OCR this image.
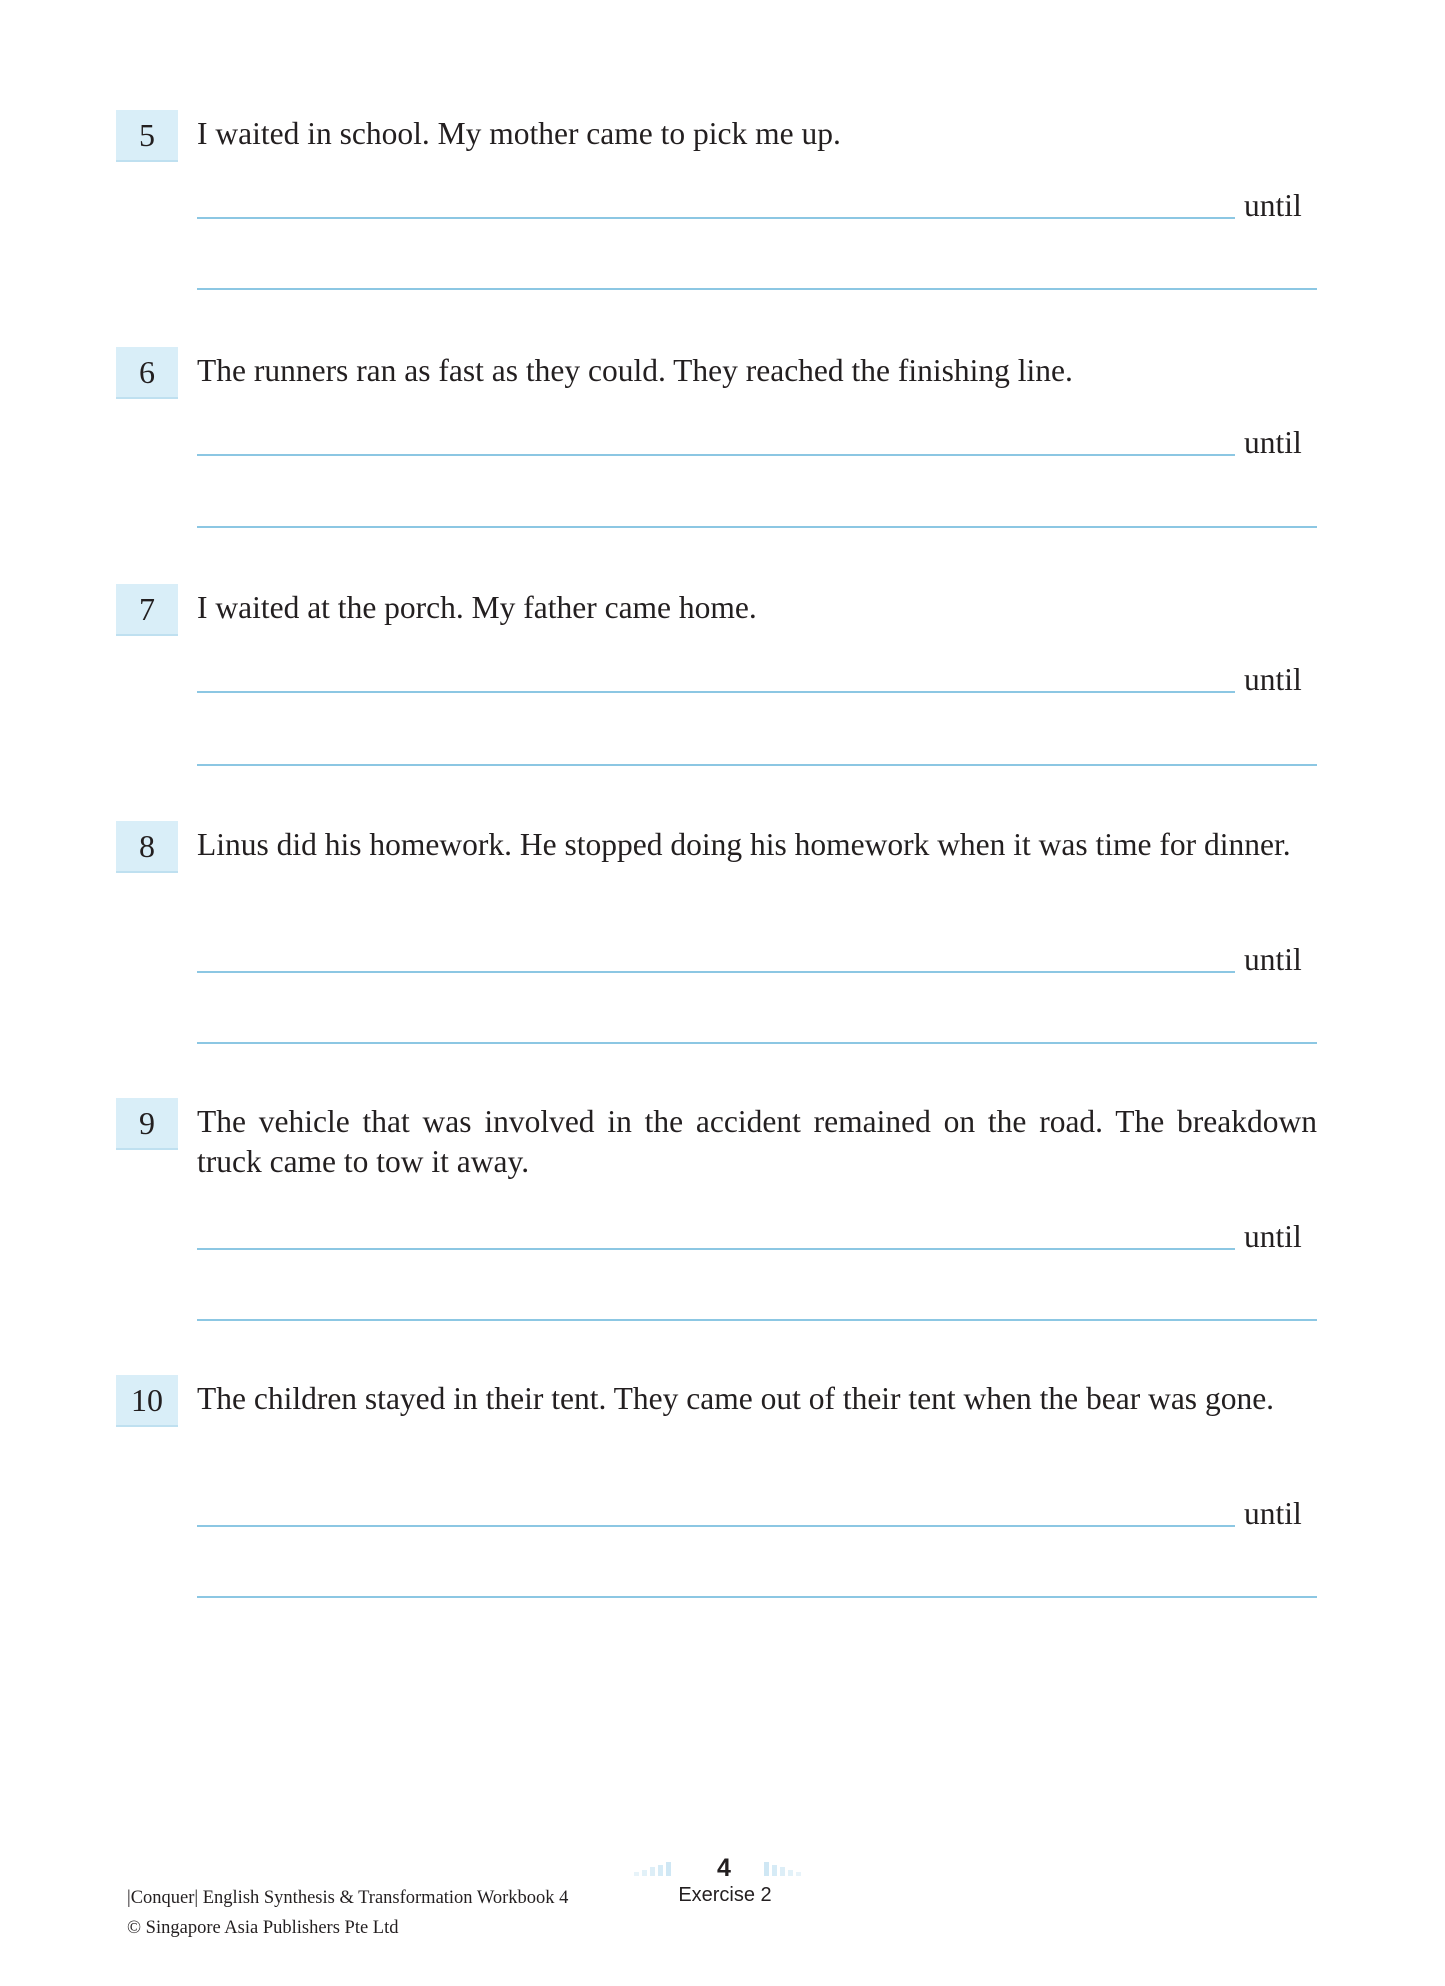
5	I waited in school. My mother came to pick me up.
until
6	The runners ran as fast as they could. They reached the finishing line.
until
7	I waited at the porch. My father came home.
until
8	Linus did his homework. He stopped doing his homework when it was time for dinner.
until
9	The vehicle that was involved in the accident remained on the road. The breakdown truck came to tow it away.
until
10	The children stayed in their tent. They came out of their tent when the bear was gone.
until
4
Exercise 2
|Conquer| English Synthesis & Transformation Workbook 4
© Singapore Asia Publishers Pte Ltd
